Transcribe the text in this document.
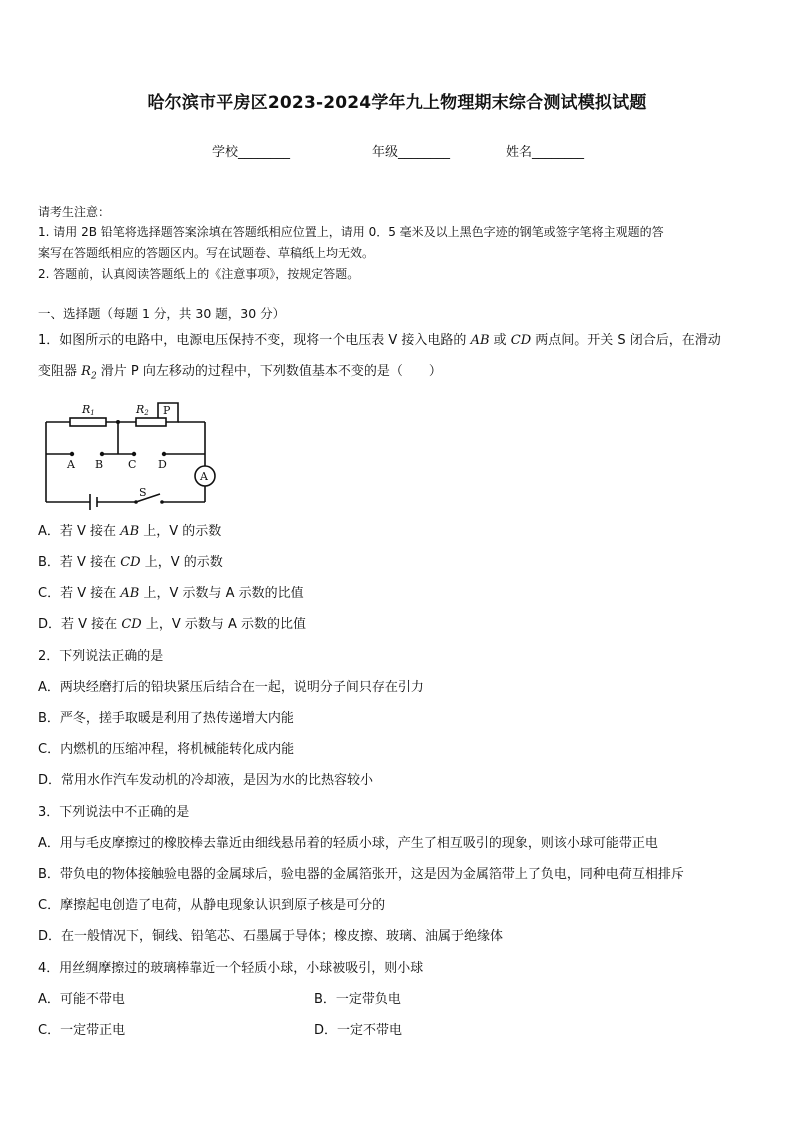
哈尔滨市平房区2023-2024学年九上物理期末综合测试模拟试题
学校________	年级________	姓名________
请考生注意：
1. 请用 2B 铅笔将选择题答案涂填在答题纸相应位置上，请用 0．5 毫米及以上黑色字迹的钢笔或签字笔将主观题的答
案写在答题纸相应的答题区内。写在试题卷、草稿纸上均无效。
2. 答题前，认真阅读答题纸上的《注意事项》，按规定答题。
一、选择题（每题 1 分，共 30 题，30 分）
1．如图所示的电路中，电源电压保持不变，现将一个电压表 V 接入电路的 AB 或 CD 两点间。开关 S 闭合后，在滑动
变阻器 $R_2$ 滑片 P 向左移动的过程中，下列数值基本不变的是（　　）
R1	R2 P
A B C D
A
S
A．若 V 接在 AB 上，V 的示数
B．若 V 接在 CD 上，V 的示数
C．若 V 接在 AB 上，V 示数与 A 示数的比值
D．若 V 接在 CD 上，V 示数与 A 示数的比值
2．下列说法正确的是
A．两块经磨打后的铅块紧压后结合在一起，说明分子间只存在引力
B．严冬，搓手取暖是利用了热传递增大内能
C．内燃机的压缩冲程，将机械能转化成内能
D．常用水作汽车发动机的冷却液，是因为水的比热容较小
3．下列说法中不正确的是
A．用与毛皮摩擦过的橡胶棒去靠近由细线悬吊着的轻质小球，产生了相互吸引的现象，则该小球可能带正电
B．带负电的物体接触验电器的金属球后，验电器的金属箔张开，这是因为金属箔带上了负电，同种电荷互相排斥
C．摩擦起电创造了电荷，从静电现象认识到原子核是可分的
D．在一般情况下，铜线、铅笔芯、石墨属于导体；橡皮擦、玻璃、油属于绝缘体
4．用丝绸摩擦过的玻璃棒靠近一个轻质小球，小球被吸引，则小球
A．可能不带电	B．一定带负电
C．一定带正电	D．一定不带电
